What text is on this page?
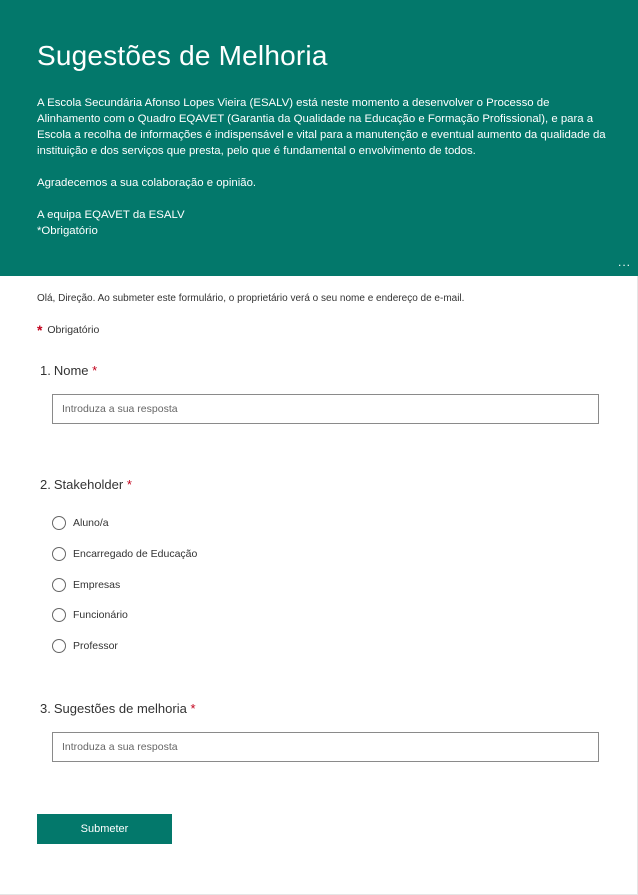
Sugestões de Melhoria

A Escola Secundária Afonso Lopes Vieira (ESALV) está neste momento a desenvolver o Processo de Alinhamento com o Quadro EQAVET (Garantia da Qualidade na Educação e Formação Profissional), e para a Escola a recolha de informações é indispensável e vital para a manutenção e eventual aumento da qualidade da instituição e dos serviços que presta, pelo que é fundamental o envolvimento de todos.

Agradecemos a sua colaboração e opinião.

A equipa EQAVET da ESALV

*Obrigatório

...
Olá, Direção. Ao submeter este formulário, o proprietário verá o seu nome e endereço de e-mail.
* Obrigatório
1. Nome *
Introduza a sua resposta
2. Stakeholder *
Aluno/a
Encarregado de Educação
Empresas
Funcionário
Professor
3. Sugestões de melhoria *
Introduza a sua resposta
Submeter
